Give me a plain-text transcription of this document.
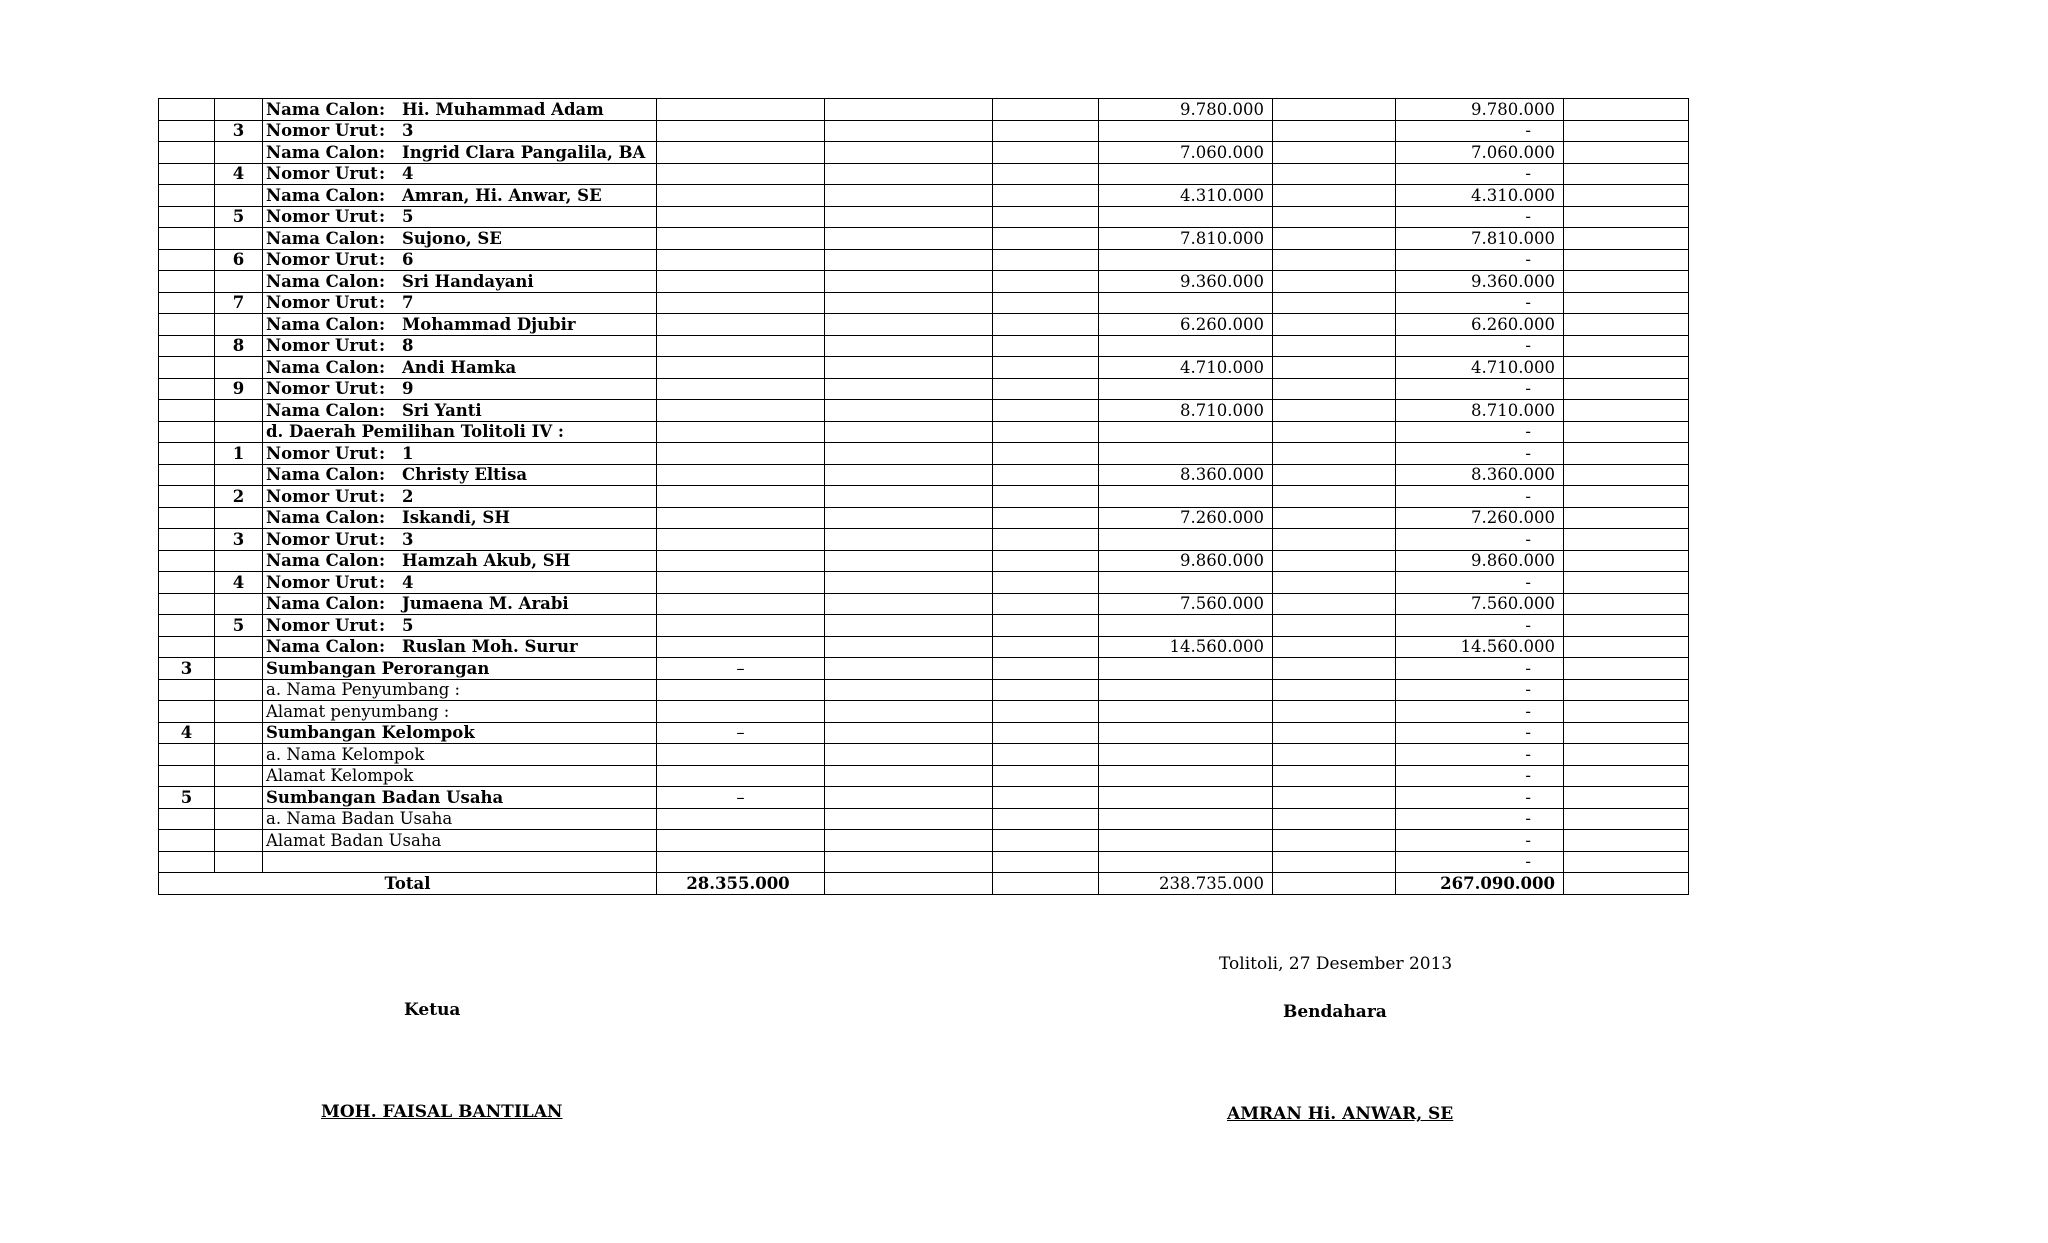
		Nama Calon: Hi. Muhammad Adam				9.780.000		9.780.000	
	3	Nomor Urut: 3						-	
		Nama Calon: Ingrid Clara Pangalila, BA				7.060.000		7.060.000	
	4	Nomor Urut: 4						-	
		Nama Calon: Amran, Hi. Anwar, SE				4.310.000		4.310.000	
	5	Nomor Urut: 5						-	
		Nama Calon: Sujono, SE				7.810.000		7.810.000	
	6	Nomor Urut: 6						-	
		Nama Calon: Sri Handayani				9.360.000		9.360.000	
	7	Nomor Urut: 7						-	
		Nama Calon: Mohammad Djubir				6.260.000		6.260.000	
	8	Nomor Urut: 8						-	
		Nama Calon: Andi Hamka				4.710.000		4.710.000	
	9	Nomor Urut: 9						-	
		Nama Calon: Sri Yanti				8.710.000		8.710.000	
		d. Daerah Pemilihan Tolitoli IV :						-	
	1	Nomor Urut: 1						-	
		Nama Calon: Christy Eltisa				8.360.000		8.360.000	
	2	Nomor Urut: 2						-	
		Nama Calon: Iskandi, SH				7.260.000		7.260.000	
	3	Nomor Urut: 3						-	
		Nama Calon: Hamzah Akub, SH				9.860.000		9.860.000	
	4	Nomor Urut: 4						-	
		Nama Calon: Jumaena M. Arabi				7.560.000		7.560.000	
	5	Nomor Urut: 5						-	
		Nama Calon: Ruslan Moh. Surur				14.560.000		14.560.000	
3		Sumbangan Perorangan	–					-	
		a. Nama Penyumbang :						-	
		Alamat penyumbang :						-	
4		Sumbangan Kelompok	–					-	
		a. Nama Kelompok						-	
		Alamat Kelompok						-	
5		Sumbangan Badan Usaha	–					-	
		a. Nama Badan Usaha						-	
		Alamat Badan Usaha						-	
								-	
Total			28.355.000			238.735.000		267.090.000	
Tolitoli, 27 Desember 2013
Ketua
MOH. FAISAL BANTILAN
Bendahara
AMRAN Hi. ANWAR, SE
